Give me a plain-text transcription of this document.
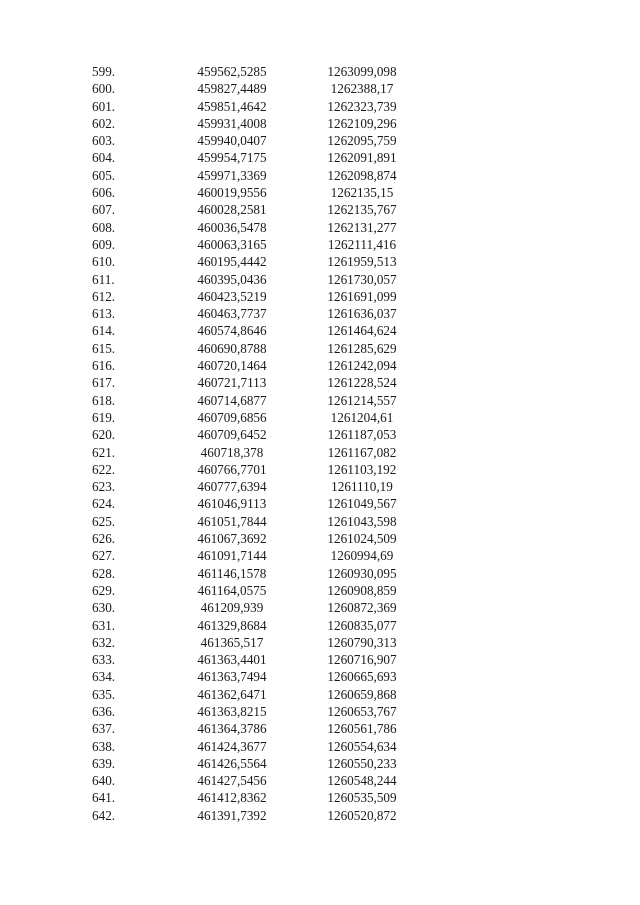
599.	459562,5285	1263099,098
600.	459827,4489	1262388,17
601.	459851,4642	1262323,739
602.	459931,4008	1262109,296
603.	459940,0407	1262095,759
604.	459954,7175	1262091,891
605.	459971,3369	1262098,874
606.	460019,9556	1262135,15
607.	460028,2581	1262135,767
608.	460036,5478	1262131,277
609.	460063,3165	1262111,416
610.	460195,4442	1261959,513
611.	460395,0436	1261730,057
612.	460423,5219	1261691,099
613.	460463,7737	1261636,037
614.	460574,8646	1261464,624
615.	460690,8788	1261285,629
616.	460720,1464	1261242,094
617.	460721,7113	1261228,524
618.	460714,6877	1261214,557
619.	460709,6856	1261204,61
620.	460709,6452	1261187,053
621.	460718,378	1261167,082
622.	460766,7701	1261103,192
623.	460777,6394	1261110,19
624.	461046,9113	1261049,567
625.	461051,7844	1261043,598
626.	461067,3692	1261024,509
627.	461091,7144	1260994,69
628.	461146,1578	1260930,095
629.	461164,0575	1260908,859
630.	461209,939	1260872,369
631.	461329,8684	1260835,077
632.	461365,517	1260790,313
633.	461363,4401	1260716,907
634.	461363,7494	1260665,693
635.	461362,6471	1260659,868
636.	461363,8215	1260653,767
637.	461364,3786	1260561,786
638.	461424,3677	1260554,634
639.	461426,5564	1260550,233
640.	461427,5456	1260548,244
641.	461412,8362	1260535,509
642.	461391,7392	1260520,872
